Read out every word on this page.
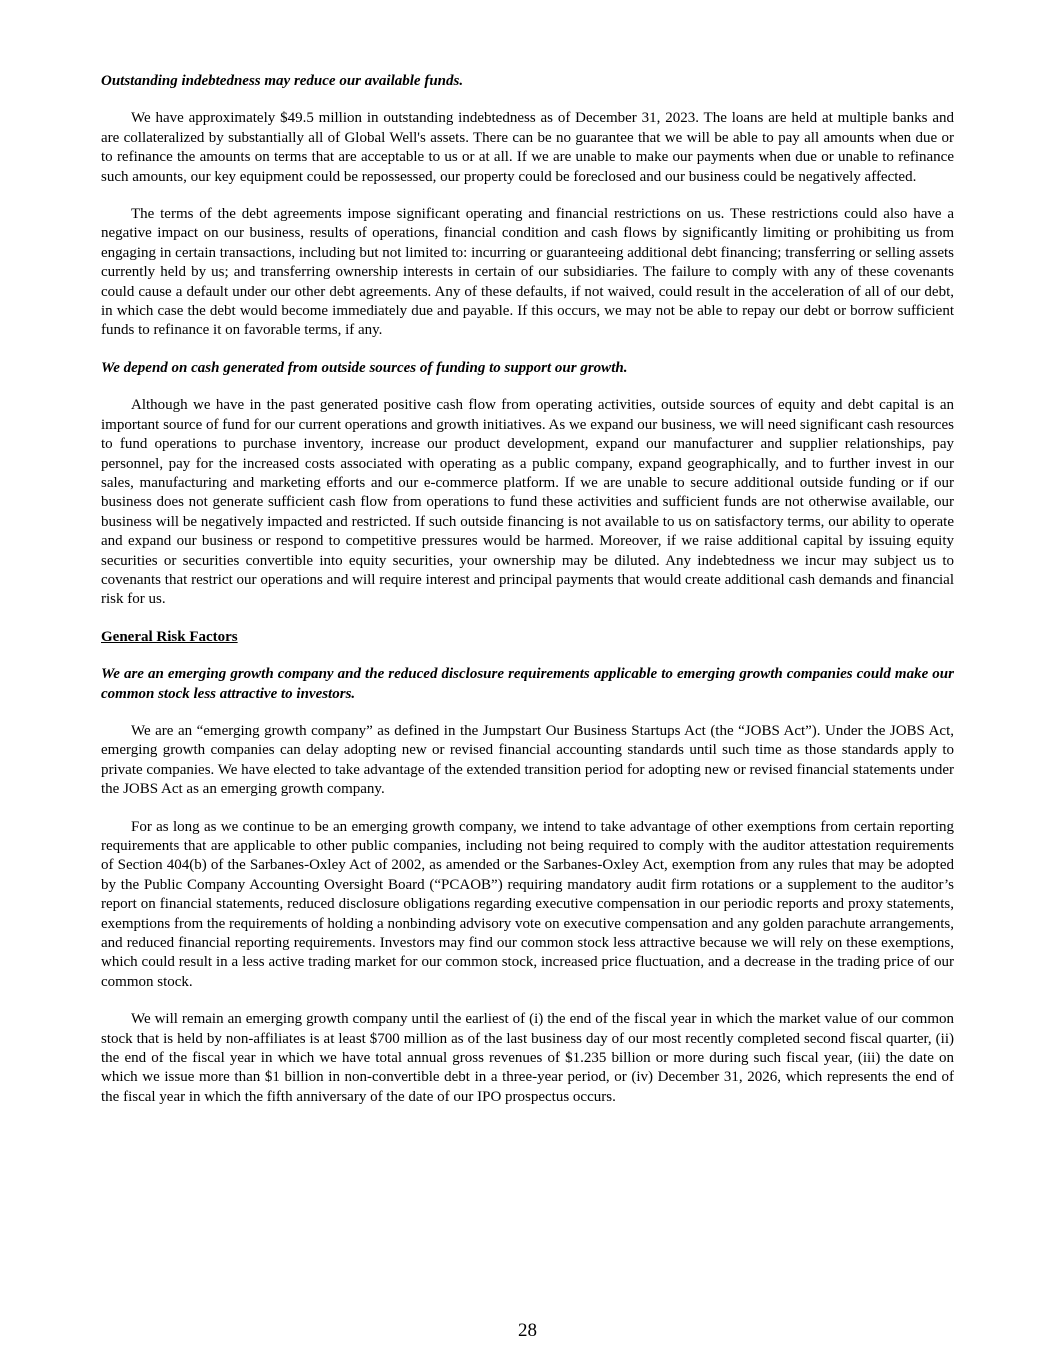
Outstanding indebtedness may reduce our available funds.

We have approximately $49.5 million in outstanding indebtedness as of December 31, 2023. The loans are held at multiple banks and are collateralized by substantially all of Global Well's assets. There can be no guarantee that we will be able to pay all amounts when due or to refinance the amounts on terms that are acceptable to us or at all. If we are unable to make our payments when due or unable to refinance such amounts, our key equipment could be repossessed, our property could be foreclosed and our business could be negatively affected.

The terms of the debt agreements impose significant operating and financial restrictions on us. These restrictions could also have a negative impact on our business, results of operations, financial condition and cash flows by significantly limiting or prohibiting us from engaging in certain transactions, including but not limited to: incurring or guaranteeing additional debt financing; transferring or selling assets currently held by us; and transferring ownership interests in certain of our subsidiaries. The failure to comply with any of these covenants could cause a default under our other debt agreements. Any of these defaults, if not waived, could result in the acceleration of all of our debt, in which case the debt would become immediately due and payable. If this occurs, we may not be able to repay our debt or borrow sufficient funds to refinance it on favorable terms, if any.

We depend on cash generated from outside sources of funding to support our growth.

Although we have in the past generated positive cash flow from operating activities, outside sources of equity and debt capital is an important source of fund for our current operations and growth initiatives. As we expand our business, we will need significant cash resources to fund operations to purchase inventory, increase our product development, expand our manufacturer and supplier relationships, pay personnel, pay for the increased costs associated with operating as a public company, expand geographically, and to further invest in our sales, manufacturing and marketing efforts and our e-commerce platform. If we are unable to secure additional outside funding or if our business does not generate sufficient cash flow from operations to fund these activities and sufficient funds are not otherwise available, our business will be negatively impacted and restricted. If such outside financing is not available to us on satisfactory terms, our ability to operate and expand our business or respond to competitive pressures would be harmed. Moreover, if we raise additional capital by issuing equity securities or securities convertible into equity securities, your ownership may be diluted. Any indebtedness we incur may subject us to covenants that restrict our operations and will require interest and principal payments that would create additional cash demands and financial risk for us.

General Risk Factors

We are an emerging growth company and the reduced disclosure requirements applicable to emerging growth companies could make our common stock less attractive to investors.

We are an “emerging growth company” as defined in the Jumpstart Our Business Startups Act (the “JOBS Act”). Under the JOBS Act, emerging growth companies can delay adopting new or revised financial accounting standards until such time as those standards apply to private companies. We have elected to take advantage of the extended transition period for adopting new or revised financial statements under the JOBS Act as an emerging growth company.

For as long as we continue to be an emerging growth company, we intend to take advantage of other exemptions from certain reporting requirements that are applicable to other public companies, including not being required to comply with the auditor attestation requirements of Section 404(b) of the Sarbanes-Oxley Act of 2002, as amended or the Sarbanes-Oxley Act, exemption from any rules that may be adopted by the Public Company Accounting Oversight Board (“PCAOB”) requiring mandatory audit firm rotations or a supplement to the auditor’s report on financial statements, reduced disclosure obligations regarding executive compensation in our periodic reports and proxy statements, exemptions from the requirements of holding a nonbinding advisory vote on executive compensation and any golden parachute arrangements, and reduced financial reporting requirements. Investors may find our common stock less attractive because we will rely on these exemptions, which could result in a less active trading market for our common stock, increased price fluctuation, and a decrease in the trading price of our common stock.

We will remain an emerging growth company until the earliest of (i) the end of the fiscal year in which the market value of our common stock that is held by non-affiliates is at least $700 million as of the last business day of our most recently completed second fiscal quarter, (ii) the end of the fiscal year in which we have total annual gross revenues of $1.235 billion or more during such fiscal year, (iii) the date on which we issue more than $1 billion in non-convertible debt in a three-year period, or (iv) December 31, 2026, which represents the end of the fiscal year in which the fifth anniversary of the date of our IPO prospectus occurs.

28
